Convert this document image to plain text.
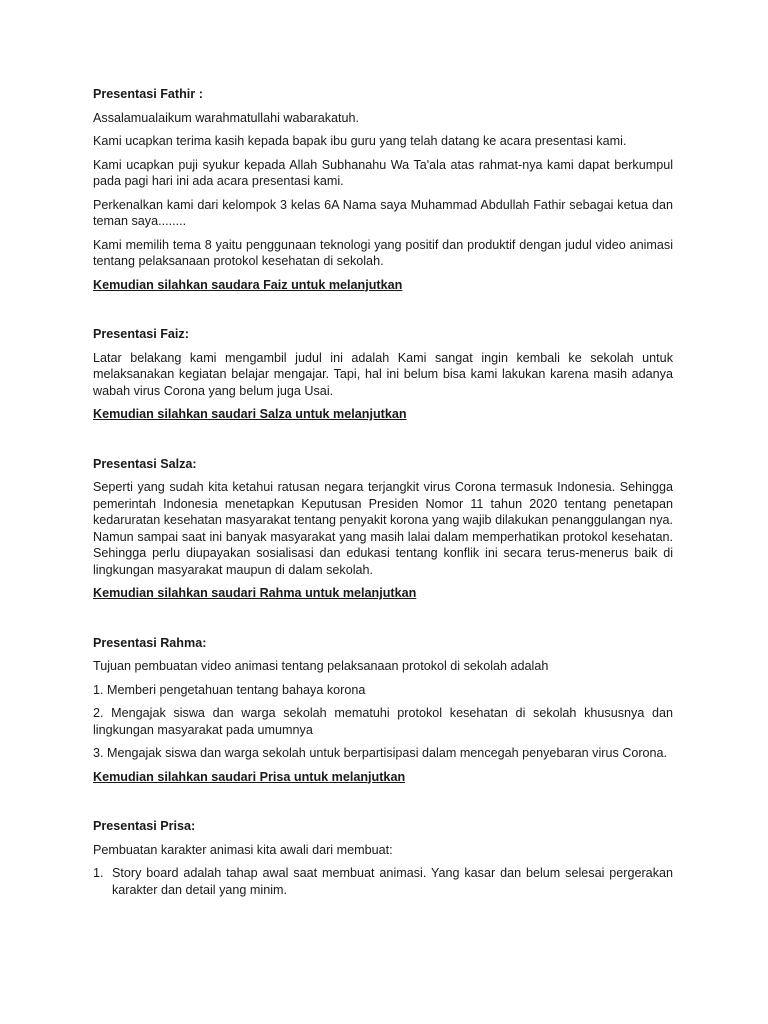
Presentasi Fathir :

Assalamualaikum warahmatullahi wabarakatuh.

Kami ucapkan terima kasih kepada bapak ibu guru yang telah datang ke acara presentasi kami.

Kami ucapkan puji syukur kepada Allah Subhanahu Wa Ta'ala atas rahmat-nya kami dapat berkumpul pada pagi hari ini ada acara presentasi kami.

Perkenalkan kami dari kelompok 3 kelas 6A Nama saya Muhammad Abdullah Fathir sebagai ketua dan teman saya........

Kami memilih tema 8 yaitu penggunaan teknologi yang positif dan produktif dengan judul video animasi tentang pelaksanaan protokol kesehatan di sekolah.

Kemudian silahkan saudara Faiz untuk melanjutkan

Presentasi Faiz:

Latar belakang kami mengambil judul ini adalah Kami sangat ingin kembali ke sekolah untuk melaksanakan kegiatan belajar mengajar. Tapi, hal ini belum bisa kami lakukan karena masih adanya wabah virus Corona yang belum juga Usai.

Kemudian silahkan saudari Salza untuk melanjutkan

Presentasi Salza:

Seperti yang sudah kita ketahui ratusan negara terjangkit virus Corona termasuk Indonesia. Sehingga pemerintah Indonesia menetapkan Keputusan Presiden Nomor 11 tahun 2020 tentang penetapan kedaruratan kesehatan masyarakat tentang penyakit korona yang wajib dilakukan penanggulangan nya. Namun sampai saat ini banyak masyarakat yang masih lalai dalam memperhatikan protokol kesehatan. Sehingga perlu diupayakan sosialisasi dan edukasi tentang konflik ini secara terus-menerus baik di lingkungan masyarakat maupun di dalam sekolah.

Kemudian silahkan saudari Rahma untuk melanjutkan

Presentasi Rahma:

Tujuan pembuatan video animasi tentang pelaksanaan protokol di sekolah adalah

1. Memberi pengetahuan tentang bahaya korona

2. Mengajak siswa dan warga sekolah mematuhi protokol kesehatan di sekolah khususnya dan lingkungan masyarakat pada umumnya

3. Mengajak siswa dan warga sekolah untuk berpartisipasi dalam mencegah penyebaran virus Corona.

Kemudian silahkan saudari Prisa untuk melanjutkan

Presentasi Prisa:

Pembuatan karakter animasi kita awali dari membuat:

1. Story board adalah tahap awal saat membuat animasi. Yang kasar dan belum selesai pergerakan karakter dan detail yang minim.
